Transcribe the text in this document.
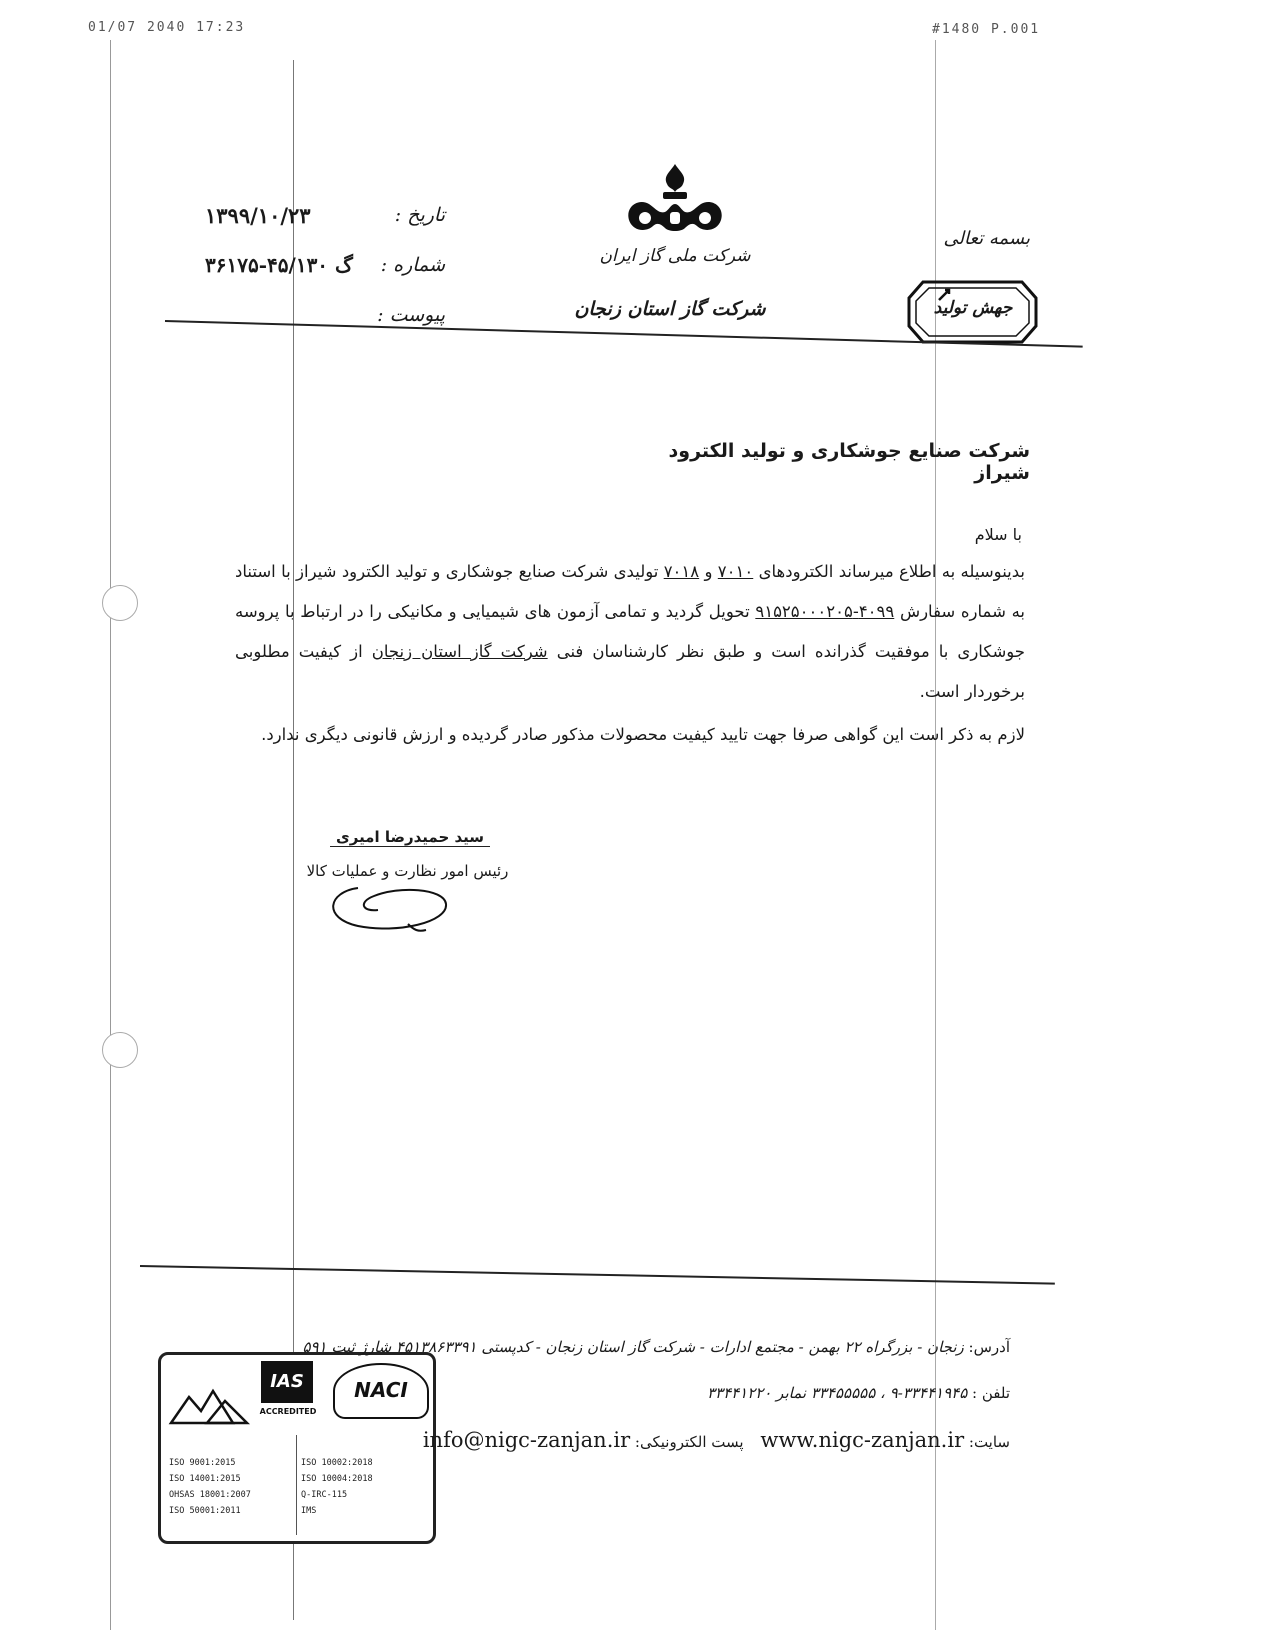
01/07 2040 17:23	#1480 P.001
تاریخ :
۱۳۹۹/۱۰/۲۳
شماره :
گ ۴۵/۱۳۰-۳۶۱۷۵
پیوست :
شرکت ملی گاز ایران
شرکت گاز استان زنجان
بسمه تعالی
جهش تولید
شرکت صنایع جوشکاری و تولید الکترود شیراز
با سلام
بدینوسیله به اطلاع میرساند الکترودهای ۷۰۱۰ و ۷۰۱۸ تولیدی شرکت صنایع جوشکاری و تولید الکترود شیراز با استناد به شماره سفارش ۴۰۹۹-۹۱۵۲۵۰۰۰۲۰۵ تحویل گردید و تمامی آزمون های شیمیایی و مکانیکی را در ارتباط با پروسه جوشکاری با موفقیت گذرانده است و طبق نظر کارشناسان فنی شرکت گاز استان زنجان از کیفیت مطلوبی برخوردار است.
لازم به ذکر است این گواهی صرفا جهت تایید کیفیت محصولات مذکور صادر گردیده و ارزش قانونی دیگری ندارد.
سید حمیدرضا امیری
رئیس امور نظارت و عملیات کالا
IAS
ACCREDITED
NACI
ISO 9001:2015
ISO 14001:2015
OHSAS 18001:2007
ISO 50001:2011
ISO 10002:2018
ISO 10004:2018
Q-IRC-115
IMS
آدرس: زنجان - بزرگراه ۲۲ بهمن - مجتمع ادارات - شرکت گاز استان زنجان - کدپستی ۴۵۱۳۸۶۳۳۹۱ شارژ ثبت ۵۹۱
تلفن : ۳۳۴۴۱۹۴۵-۹ ، ۳۳۴۵۵۵۵۵ نمابر ۳۳۴۴۱۲۲۰
سایت: www.nigc-zanjan.ir پست الکترونیکی: info@nigc-zanjan.ir
